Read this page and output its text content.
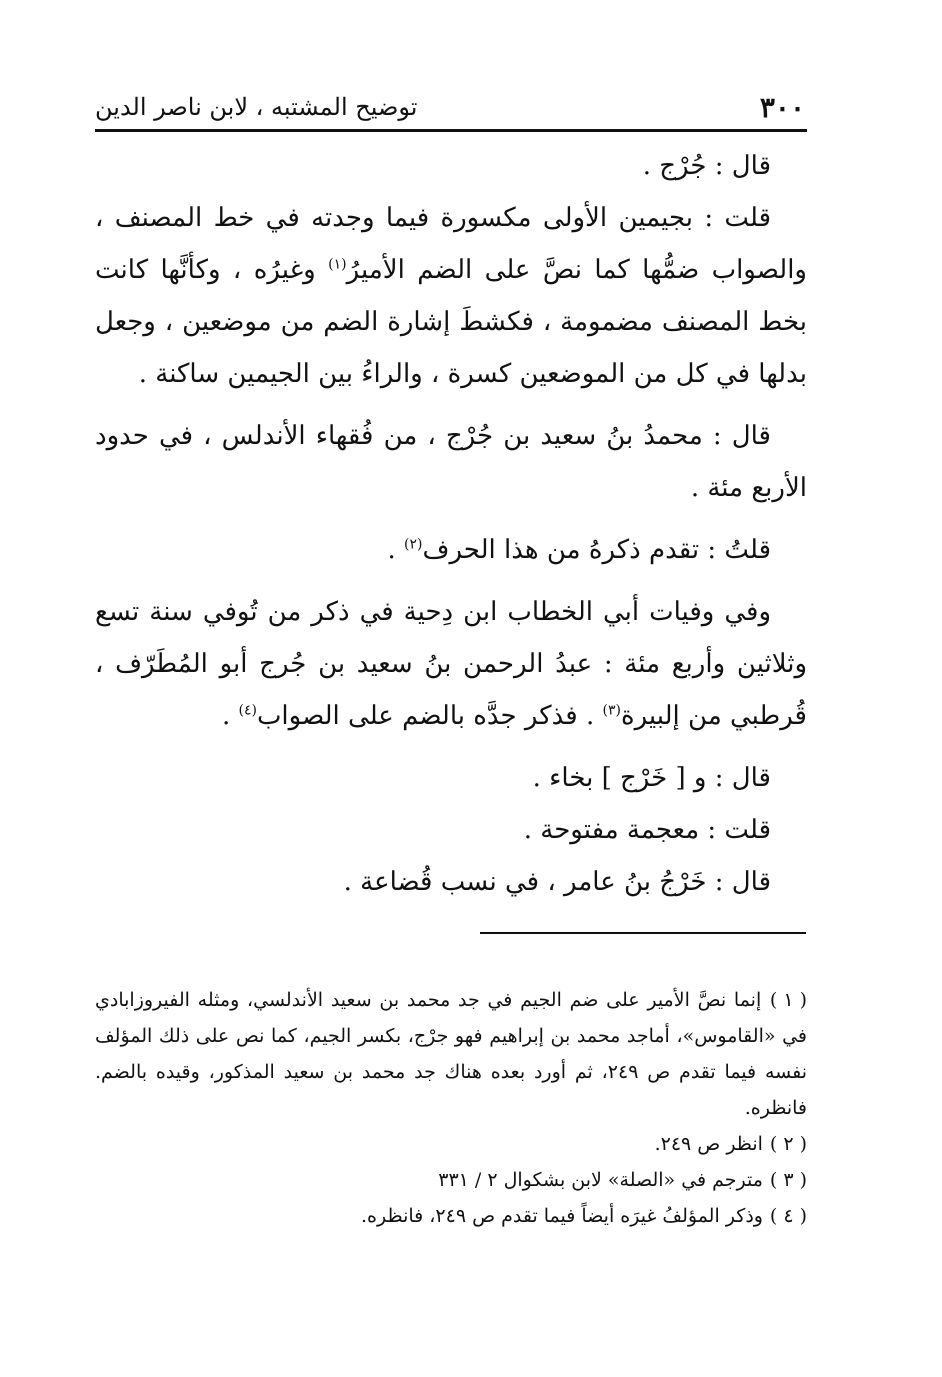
٣٠٠
توضيح المشتبه ، لابن ناصر الدين

قال : جُرْج .

قلت : بجيمين الأولى مكسورة فيما وجدته في خط المصنف ، والصواب ضمُّها كما نصَّ على الضم الأميرُ$^{(١)}$ وغيرُه ، وكأنَّها كانت بخط المصنف مضمومة ، فكشطَ إشارة الضم من موضعين ، وجعل بدلها في كل من الموضعين كسرة ، والراءُ بين الجيمين ساكنة .

قال : محمدُ بنُ سعيد بن جُرْج ، من فُقهاء الأندلس ، في حدود الأربع مئة .

قلتُ : تقدم ذكرهُ من هذا الحرف$^{(٢)}$ .

وفي وفيات أبي الخطاب ابن دِحية في ذكر من تُوفي سنة تسع وثلاثين وأربع مئة : عبدُ الرحمن بنُ سعيد بن جُرج أبو المُطَرّف ، قُرطبي من إلبيرة$^{(٣)}$ . فذكر جدَّه بالضم على الصواب$^{(٤)}$ .

قال : و [ خَرْج ] بخاء .

قلت : معجمة مفتوحة .

قال : خَرْجُ بنُ عامر ، في نسب قُضاعة .

( ١ ) إنما نصَّ الأمير على ضم الجيم في جد محمد بن سعيد الأندلسي، ومثله الفيروزابادي في «القاموس»، أماجد محمد بن إبراهيم فهو جرْج، بكسر الجيم، كما نص على ذلك المؤلف نفسه فيما تقدم ص ٢٤٩، ثم أورد بعده هناك جد محمد بن سعيد المذكور، وقيده بالضم. فانظره.

( ٢ ) انظر ص ٢٤٩.

( ٣ ) مترجم في «الصلة» لابن بشكوال ٢ / ٣٣١

( ٤ ) وذكر المؤلفُ غيرَه أيضاً فيما تقدم ص ٢٤٩، فانظره.
